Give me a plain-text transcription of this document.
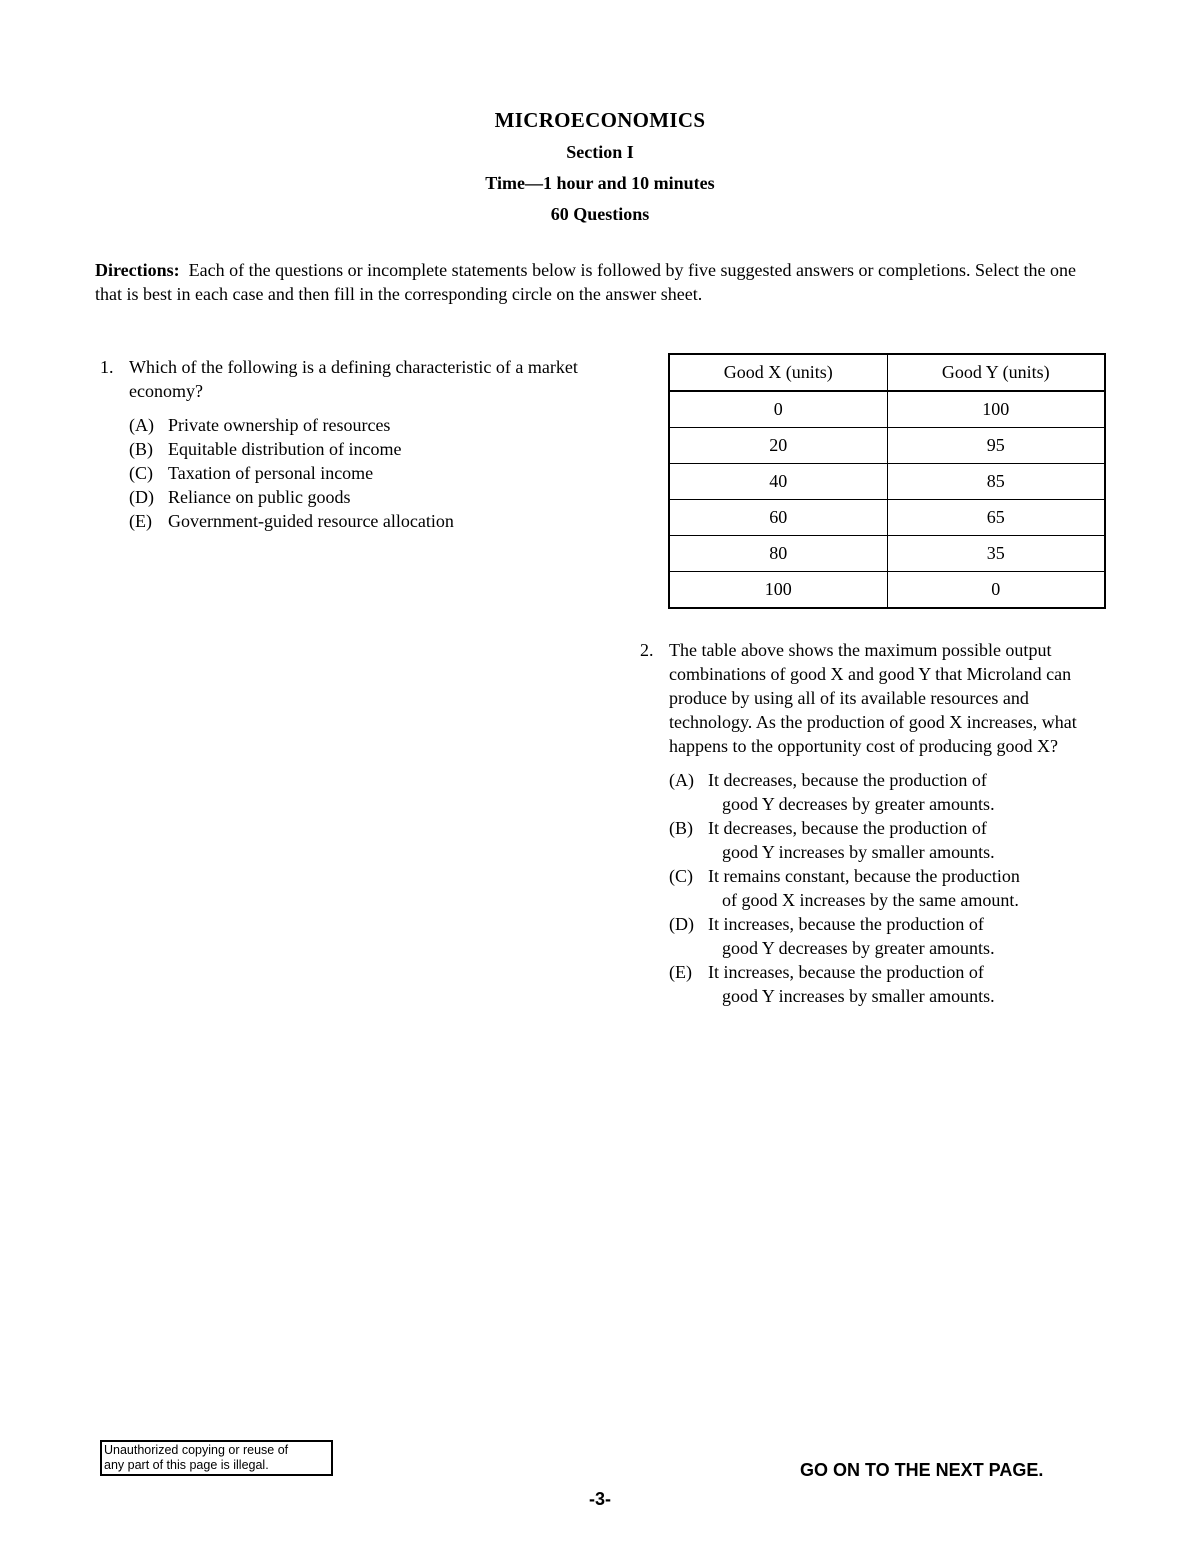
MICROECONOMICS
Section I
Time—1 hour and 10 minutes
60 Questions
Directions: Each of the questions or incomplete statements below is followed by five suggested answers or completions. Select the one that is best in each case and then fill in the corresponding circle on the answer sheet.
1. Which of the following is a defining characteristic of a market economy?
(A) Private ownership of resources
(B) Equitable distribution of income
(C) Taxation of personal income
(D) Reliance on public goods
(E) Government-guided resource allocation
Good X (units)	Good Y (units)
0	100
20	95
40	85
60	65
80	35
100	0
2. The table above shows the maximum possible output combinations of good X and good Y that Microland can produce by using all of its available resources and technology. As the production of good X increases, what happens to the opportunity cost of producing good X?
(A) It decreases, because the production of
good Y decreases by greater amounts.
(B) It decreases, because the production of
good Y increases by smaller amounts.
(C) It remains constant, because the production
of good X increases by the same amount.
(D) It increases, because the production of
good Y decreases by greater amounts.
(E) It increases, because the production of
good Y increases by smaller amounts.
Unauthorized copying or reuse of
any part of this page is illegal.	GO ON TO THE NEXT PAGE.
-3-
